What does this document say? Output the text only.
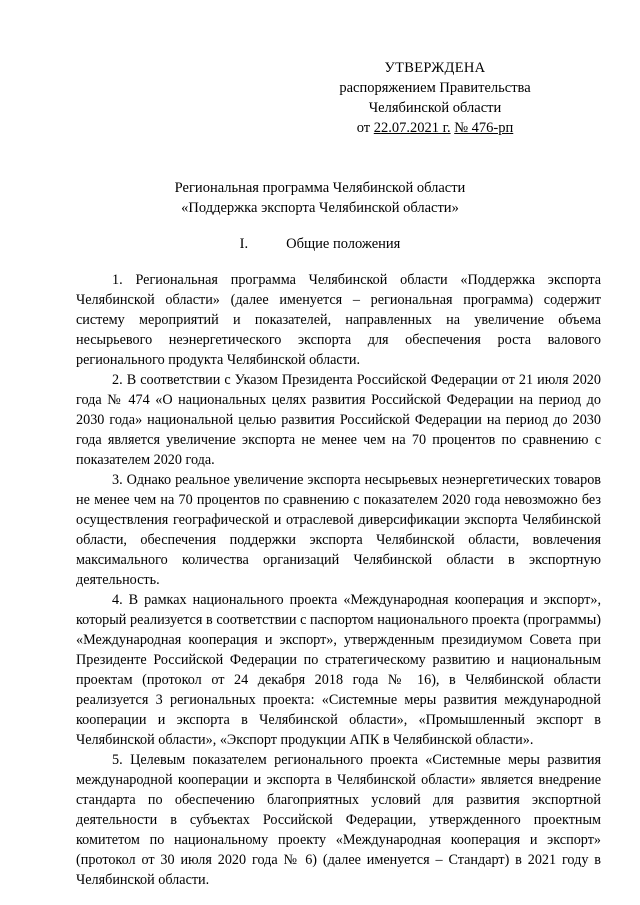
УТВЕРЖДЕНА
распоряжением Правительства
Челябинской области
от 22.07.2021 г. № 476-рп
Региональная программа Челябинской области
«Поддержка экспорта Челябинской области»
I.	Общие положения

1. Региональная программа Челябинской области «Поддержка экспорта Челябинской области» (далее именуется – региональная программа) содержит систему мероприятий и показателей, направленных на увеличение объема несырьевого неэнергетического экспорта для обеспечения роста валового регионального продукта Челябинской области.

2. В соответствии с Указом Президента Российской Федерации от 21 июля 2020 года № 474 «О национальных целях развития Российской Федерации на период до 2030 года» национальной целью развития Российской Федерации на период до 2030 года является увеличение экспорта не менее чем на 70 процентов по сравнению с показателем 2020 года.

3. Однако реальное увеличение экспорта несырьевых неэнергетических товаров не менее чем на 70 процентов по сравнению с показателем 2020 года невозможно без осуществления географической и отраслевой диверсификации экспорта Челябинской области, обеспечения поддержки экспорта Челябинской области, вовлечения максимального количества организаций Челябинской области в экспортную деятельность.

4. В рамках национального проекта «Международная кооперация и экспорт», который реализуется в соответствии с паспортом национального проекта (программы) «Международная кооперация и экспорт», утвержденным президиумом Совета при Президенте Российской Федерации по стратегическому развитию и национальным проектам (протокол от 24 декабря 2018 года № 16), в Челябинской области реализуется 3 региональных проекта: «Системные меры развития международной кооперации и экспорта в Челябинской области», «Промышленный экспорт в Челябинской области», «Экспорт продукции АПК в Челябинской области».

5. Целевым показателем регионального проекта «Системные меры развития международной кооперации и экспорта в Челябинской области» является внедрение стандарта по обеспечению благоприятных условий для развития экспортной деятельности в субъектах Российской Федерации, утвержденного проектным комитетом по национальному проекту «Международная кооперация и экспорт» (протокол от 30 июля 2020 года № 6) (далее именуется – Стандарт) в 2021 году в Челябинской области.
